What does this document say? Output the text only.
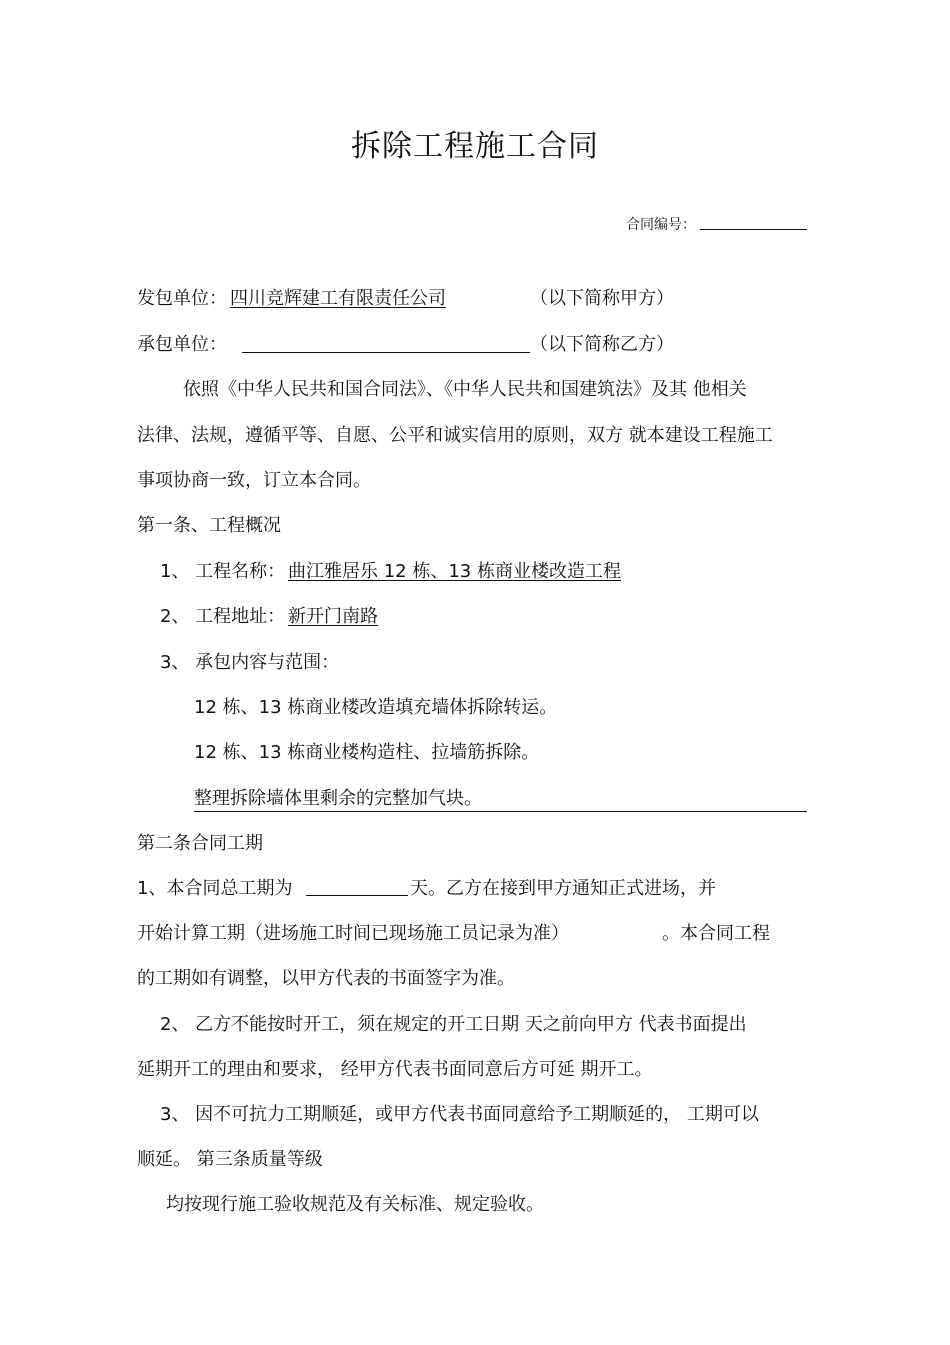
拆除工程施工合同
合同编号：
发包单位： 四川竞辉建工有限责任公司	（以下简称甲方）
承包单位：	（以下简称乙方）
依照《中华人民共和国合同法》、《中华人民共和国建筑法》及其 他相关
法律、法规，遵循平等、自愿、公平和诚实信用的原则，双方 就本建设工程施工
事项协商一致，订立本合同。
第一条、工程概况
1、 工程名称： 曲江雅居乐 12 栋、13 栋商业楼改造工程
2、 工程地址： 新开门南路
3、 承包内容与范围：
12 栋、13 栋商业楼改造填充墙体拆除转运。
12 栋、13 栋商业楼构造柱、拉墙筋拆除。
整理拆除墙体里剩余的完整加气块。
第二条合同工期
1、本合同总工期为	天。乙方在接到甲方通知正式进场，并
开始计算工期（进场施工时间已现场施工员记录为准）	。本合同工程
的工期如有调整，以甲方代表的书面签字为准。
2、 乙方不能按时开工，须在规定的开工日期 天之前向甲方 代表书面提出
延期开工的理由和要求， 经甲方代表书面同意后方可延 期开工。
3、 因不可抗力工期顺延，或甲方代表书面同意给予工期顺延的， 工期可以
顺延。 第三条质量等级
均按现行施工验收规范及有关标准、规定验收。
